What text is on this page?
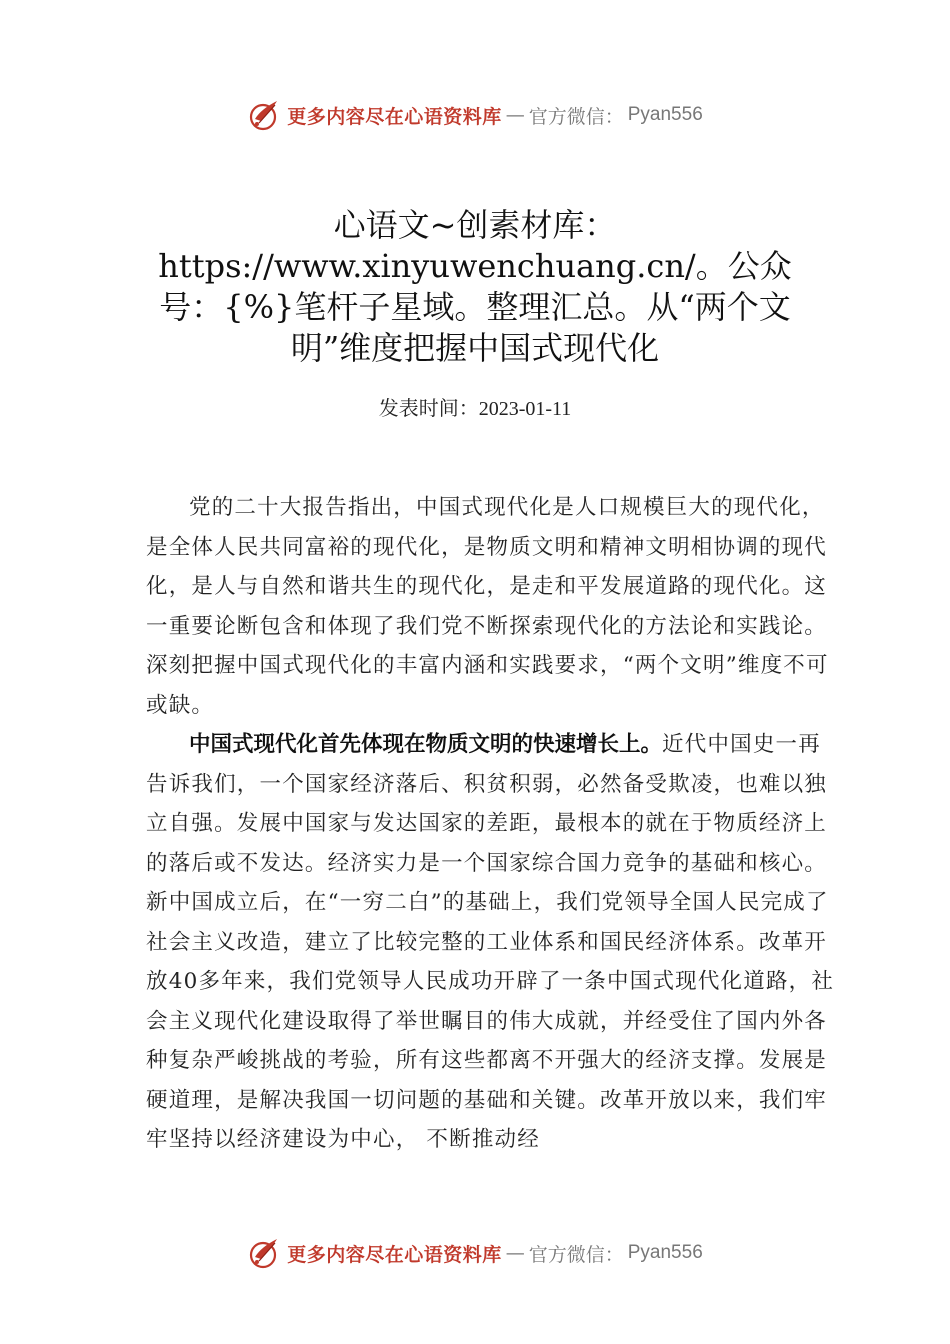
更多内容尽在心语资料库 — 官方微信： Pyan556
心语文~创素材库：https://www.xinyuwenchuang.cn/。公众号：{%}笔杆子星域。整理汇总。从“两个文明”维度把握中国式现代化
发表时间：2023-01-11

党的二十大报告指出，中国式现代化是人口规模巨大的现代化，是全体人民共同富裕的现代化，是物质文明和精神文明相协调的现代化，是人与自然和谐共生的现代化，是走和平发展道路的现代化。这一重要论断包含和体现了我们党不断探索现代化的方法论和实践论。深刻把握中国式现代化的丰富内涵和实践要求，“两个文明”维度不可或缺。

中国式现代化首先体现在物质文明的快速增长上。近代中国史一再告诉我们，一个国家经济落后、积贫积弱，必然备受欺凌，也难以独立自强。发展中国家与发达国家的差距，最根本的就在于物质经济上的落后或不发达。经济实力是一个国家综合国力竞争的基础和核心。新中国成立后，在“一穷二白”的基础上，我们党领导全国人民完成了社会主义改造，建立了比较完整的工业体系和国民经济体系。改革开放40多年来，我们党领导人民成功开辟了一条中国式现代化道路，社会主义现代化建设取得了举世瞩目的伟大成就，并经受住了国内外各种复杂严峻挑战的考验，所有这些都离不开强大的经济支撑。发展是硬道理，是解决我国一切问题的基础和关键。改革开放以来，我们牢牢坚持以经济建设为中心， 不断推动经

更多内容尽在心语资料库 — 官方微信： Pyan556
